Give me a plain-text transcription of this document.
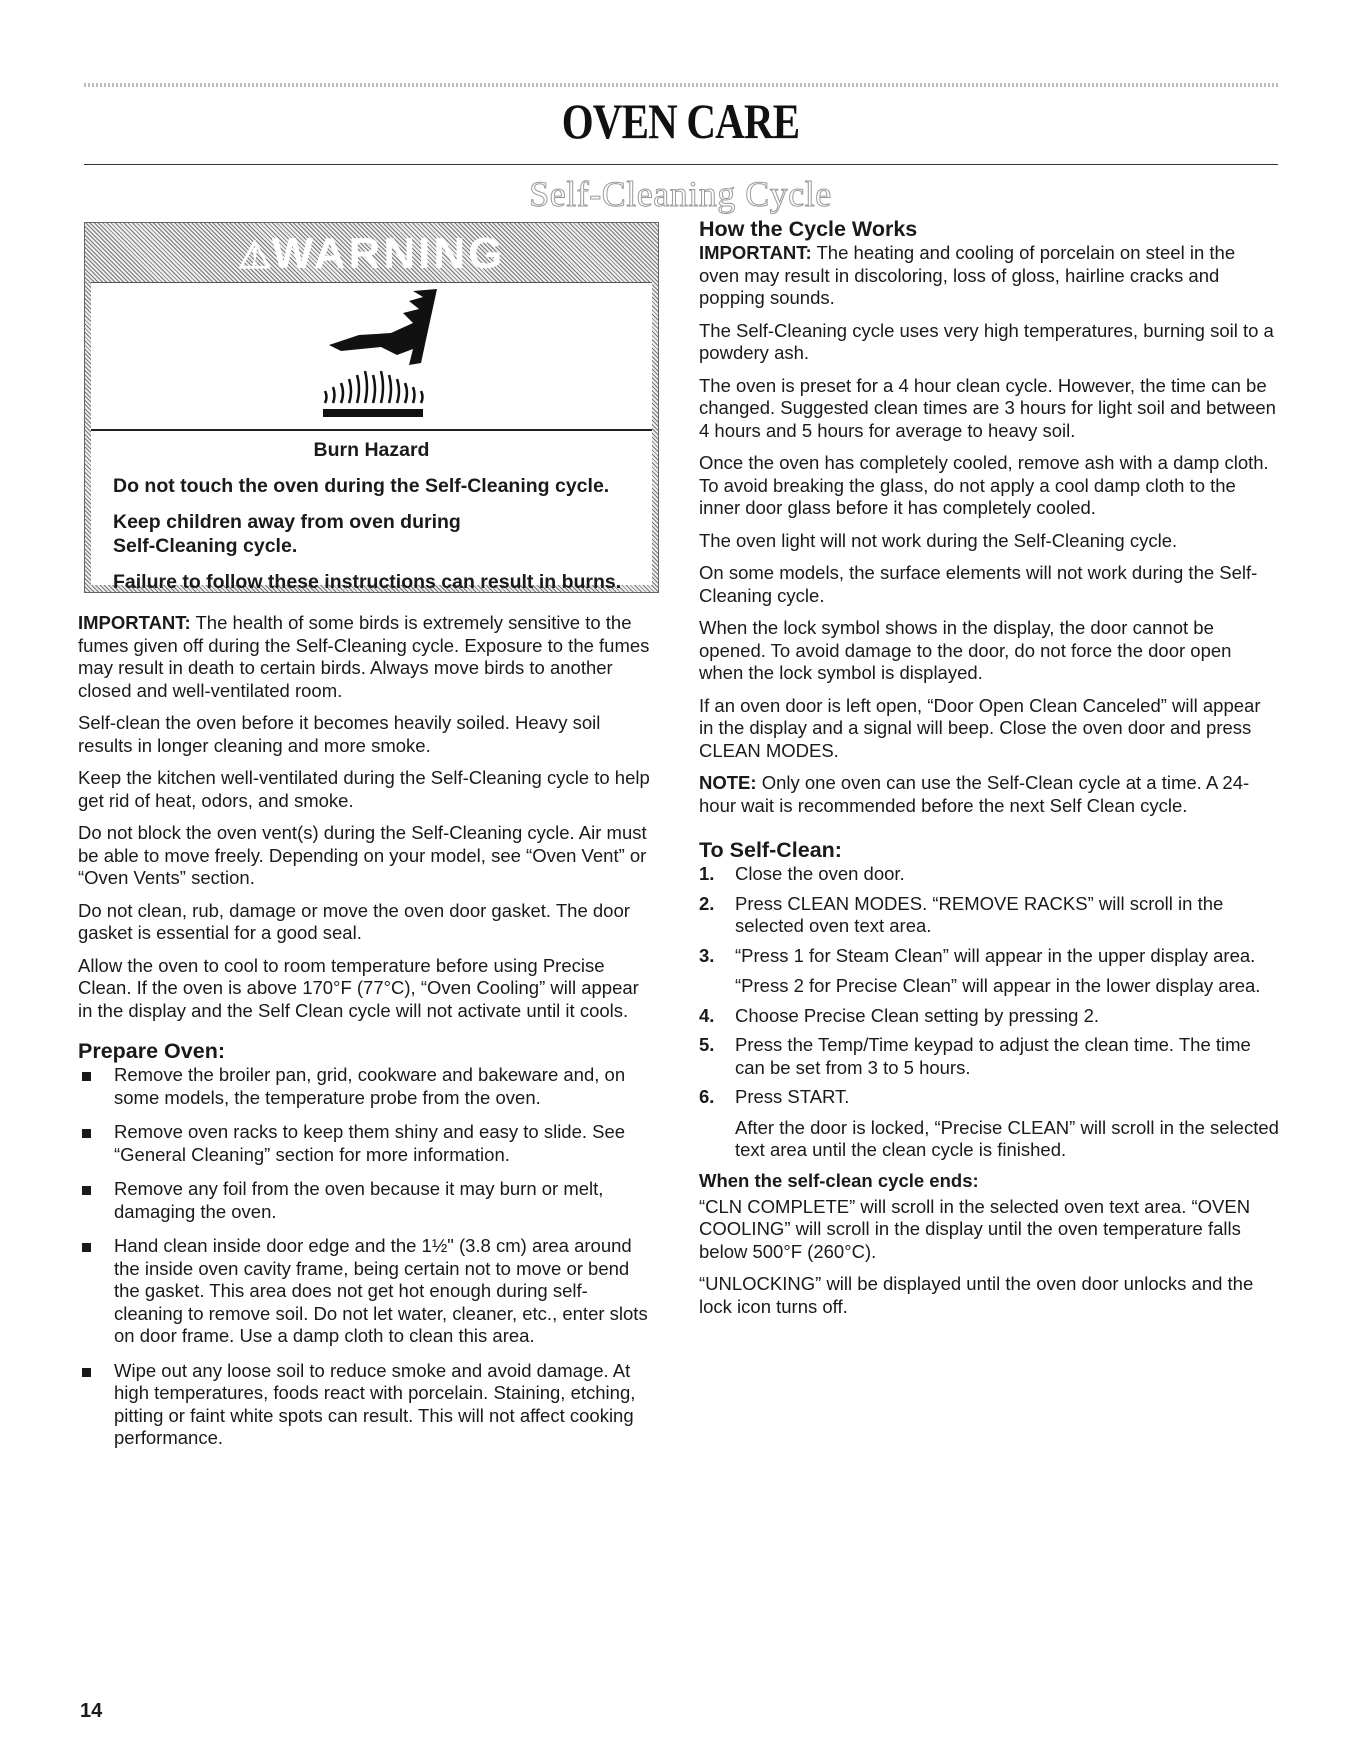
OVEN CARE
Self-Cleaning Cycle
⚠WARNING

Burn Hazard

Do not touch the oven during the Self-Cleaning cycle.

Keep children away from oven during

Self-Cleaning cycle.

Failure to follow these instructions can result in burns.

IMPORTANT: The health of some birds is extremely sensitive to the fumes given off during the Self-Cleaning cycle. Exposure to the fumes may result in death to certain birds. Always move birds to another closed and well-ventilated room.

Self-clean the oven before it becomes heavily soiled. Heavy soil results in longer cleaning and more smoke.

Keep the kitchen well-ventilated during the Self-Cleaning cycle to help get rid of heat, odors, and smoke.

Do not block the oven vent(s) during the Self-Cleaning cycle. Air must be able to move freely. Depending on your model, see “Oven Vent” or “Oven Vents” section.

Do not clean, rub, damage or move the oven door gasket. The door gasket is essential for a good seal.

Allow the oven to cool to room temperature before using Precise Clean. If the oven is above 170°F (77°C), “Oven Cooling” will appear in the display and the Self Clean cycle will not activate until it cools.

Prepare Oven:
Remove the broiler pan, grid, cookware and bakeware and, on some models, the temperature probe from the oven.
Remove oven racks to keep them shiny and easy to slide. See “General Cleaning” section for more information.
Remove any foil from the oven because it may burn or melt, damaging the oven.
Hand clean inside door edge and the 1½" (3.8 cm) area around the inside oven cavity frame, being certain not to move or bend the gasket. This area does not get hot enough during self-cleaning to remove soil. Do not let water, cleaner, etc., enter slots on door frame. Use a damp cloth to clean this area.
Wipe out any loose soil to reduce smoke and avoid damage. At high temperatures, foods react with porcelain. Staining, etching, pitting or faint white spots can result. This will not affect cooking performance.
How the Cycle Works

IMPORTANT: The heating and cooling of porcelain on steel in the oven may result in discoloring, loss of gloss, hairline cracks and popping sounds.

The Self-Cleaning cycle uses very high temperatures, burning soil to a powdery ash.

The oven is preset for a 4 hour clean cycle. However, the time can be changed. Suggested clean times are 3 hours for light soil and between 4 hours and 5 hours for average to heavy soil.

Once the oven has completely cooled, remove ash with a damp cloth. To avoid breaking the glass, do not apply a cool damp cloth to the inner door glass before it has completely cooled.

The oven light will not work during the Self-Cleaning cycle.

On some models, the surface elements will not work during the Self-Cleaning cycle.

When the lock symbol shows in the display, the door cannot be opened. To avoid damage to the door, do not force the door open when the lock symbol is displayed.

If an oven door is left open, “Door Open Clean Canceled” will appear in the display and a signal will beep. Close the oven door and press CLEAN MODES.

NOTE: Only one oven can use the Self-Clean cycle at a time. A 24-hour wait is recommended before the next Self Clean cycle.

To Self-Clean:
1. Close the oven door.
2. Press CLEAN MODES. “REMOVE RACKS” will scroll in the selected oven text area.
3. “Press 1 for Steam Clean” will appear in the upper display area.
“Press 2 for Precise Clean” will appear in the lower display area.
4. Choose Precise Clean setting by pressing 2.
5. Press the Temp/Time keypad to adjust the clean time. The time can be set from 3 to 5 hours.
6. Press START.
After the door is locked, “Precise CLEAN” will scroll in the selected text area until the clean cycle is finished.
When the self-clean cycle ends:

“CLN COMPLETE” will scroll in the selected oven text area. “OVEN COOLING” will scroll in the display until the oven temperature falls below 500°F (260°C).

“UNLOCKING” will be displayed until the oven door unlocks and the lock icon turns off.

14
